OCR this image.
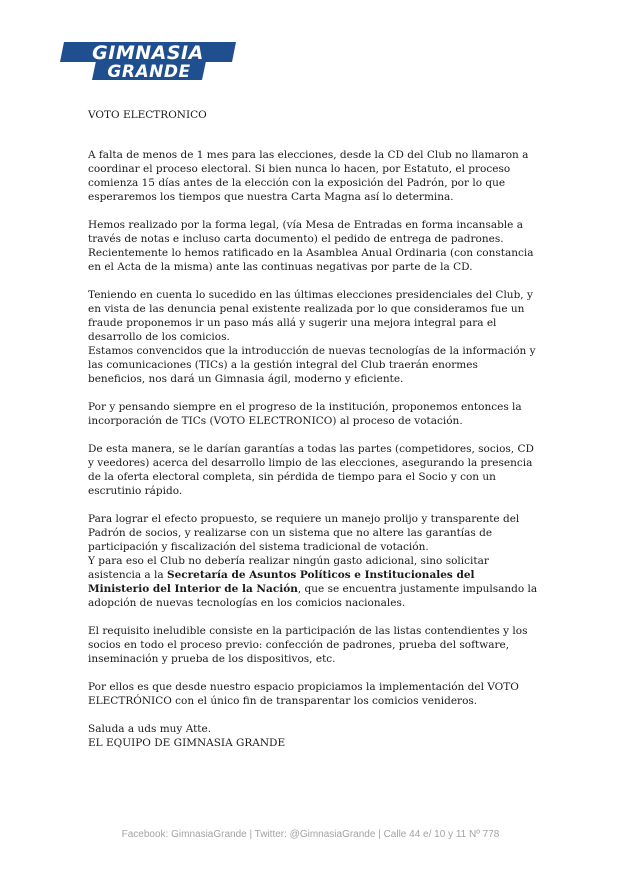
GIMNASIA
GRANDE

VOTO ELECTRONICO

A falta de menos de 1 mes para las elecciones, desde la CD del Club no llamaron a coordinar el proceso electoral. Si bien nunca lo hacen, por Estatuto, el proceso comienza 15 días antes de la elección con la exposición del Padrón, por lo que esperaremos los tiempos que nuestra Carta Magna así lo determina.

Hemos realizado por la forma legal, (vía Mesa de Entradas en forma incansable a través de notas e incluso carta documento) el pedido de entrega de padrones. Recientemente lo hemos ratificado en la Asamblea Anual Ordinaria (con constancia en el Acta de la misma) ante las continuas negativas por parte de la CD.

Teniendo en cuenta lo sucedido en las últimas elecciones presidenciales del Club, y en vista de las denuncia penal existente realizada por lo que consideramos fue un fraude proponemos ir un paso más allá y sugerir una mejora integral para el desarrollo de los comicios.

Estamos convencidos que la introducción de nuevas tecnologías de la información y las comunicaciones (TICs) a la gestión integral del Club traerán enormes beneficios, nos dará un Gimnasia ágil, moderno y eficiente.

Por y pensando siempre en el progreso de la institución, proponemos entonces la incorporación de TICs (VOTO ELECTRONICO) al proceso de votación.

De esta manera, se le darían garantías a todas las partes (competidores, socios, CD y veedores) acerca del desarrollo limpio de las elecciones, asegurando la presencia de la oferta electoral completa, sin pérdida de tiempo para el Socio y con un escrutinio rápido.

Para lograr el efecto propuesto, se requiere un manejo prolijo y transparente del Padrón de socios, y realizarse con un sistema que no altere las garantías de participación y fiscalización del sistema tradicional de votación.

Y para eso el Club no debería realizar ningún gasto adicional, sino solicitar asistencia a la Secretaría de Asuntos Políticos e Institucionales del Ministerio del Interior de la Nación, que se encuentra justamente impulsando la adopción de nuevas tecnologías en los comicios nacionales.

El requisito ineludible consiste en la participación de las listas contendientes y los socios en todo el proceso previo: confección de padrones, prueba del software, inseminación y prueba de los dispositivos, etc.

Por ellos es que desde nuestro espacio propiciamos la implementación del VOTO ELECTRÓNICO con el único fin de transparentar los comicios venideros.

Saluda a uds muy Atte.

EL EQUIPO DE GIMNASIA GRANDE

Facebook: GimnasiaGrande | Twitter: @GimnasiaGrande | Calle 44 e/ 10 y 11 Nº 778
